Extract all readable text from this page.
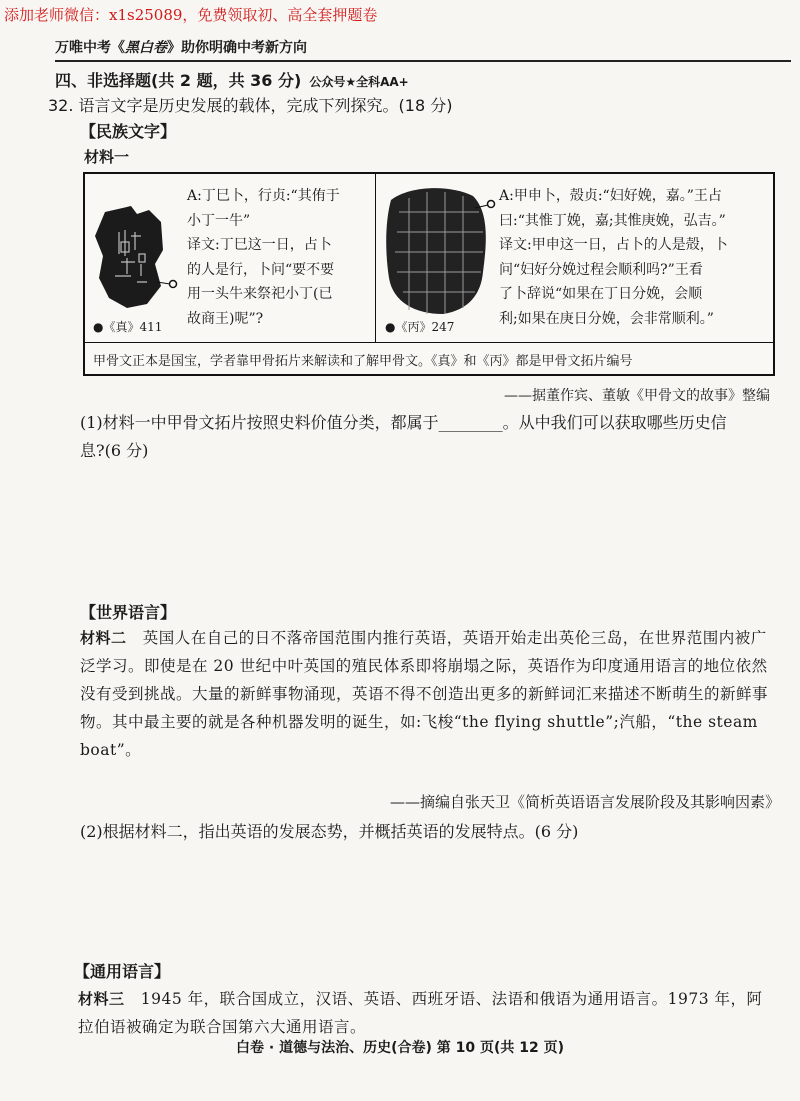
添加老师微信：x1s25089，免费领取初、高全套押题卷
万唯中考《黑白卷》助你明确中考新方向
四、非选择题(共 2 题，共 36 分) 公众号★全科AA+
32. 语言文字是历史发展的载体，完成下列探究。(18 分)
【民族文字】
材料一
A:丁巳卜，行贞:“其侑于
小丁一牛”
译文:丁巳这一日，占卜
的人是行，卜问“要不要
用一头牛来祭祀小丁(已
故商王)呢”?
●《真》411
A:甲申卜，殻贞:“妇好娩，嘉。”王占
曰:“其惟丁娩，嘉;其惟庚娩，弘吉。”
译文:甲申这一日，占卜的人是殻，卜
问“妇好分娩过程会顺利吗?”王看
了卜辞说“如果在丁日分娩，会顺
利;如果在庚日分娩，会非常顺利。”
●《丙》247
甲骨文正本是国宝，学者靠甲骨拓片来解读和了解甲骨文。《真》和《丙》都是甲骨文拓片编号
——据董作宾、董敏《甲骨文的故事》整编
(1)材料一中甲骨文拓片按照史料价值分类，都属于________。从中我们可以获取哪些历史信
息?(6 分)
【世界语言】
材料二 英国人在自己的日不落帝国范围内推行英语，英语开始走出英伦三岛，在世界范围内被广泛学习。即使是在 20 世纪中叶英国的殖民体系即将崩塌之际，英语作为印度通用语言的地位依然没有受到挑战。大量的新鲜事物涌现，英语不得不创造出更多的新鲜词汇来描述不断萌生的新鲜事物。其中最主要的就是各种机器发明的诞生，如:飞梭“the flying shuttle”;汽船，“the steam boat”。
——摘编自张天卫《简析英语语言发展阶段及其影响因素》
(2)根据材料二，指出英语的发展态势，并概括英语的发展特点。(6 分)
【通用语言】
材料三 1945 年，联合国成立，汉语、英语、西班牙语、法语和俄语为通用语言。1973 年，阿拉伯语被确定为联合国第六大通用语言。
白卷 · 道德与法治、历史(合卷) 第 10 页(共 12 页)
